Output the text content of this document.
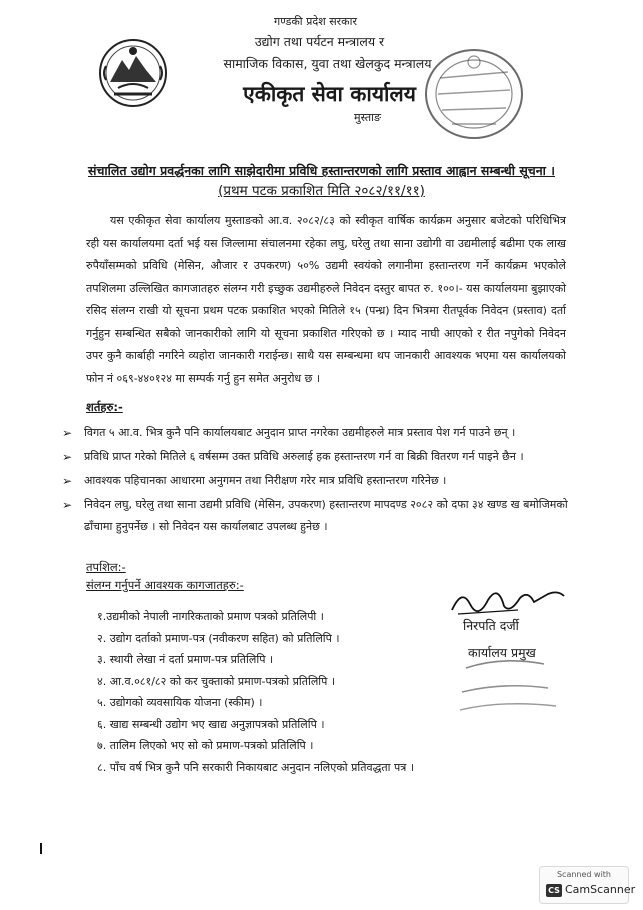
गण्डकी प्रदेश सरकार
उद्योग तथा पर्यटन मन्त्रालय र
सामाजिक विकास, युवा तथा खेलकुद मन्त्रालय
एकीकृत सेवा कार्यालय
मुस्ताङ
संचालित उद्योग प्रवर्द्धनका लागि साझेदारीमा प्रविधि हस्तान्तरणको लागि प्रस्ताव आह्वान सम्बन्धी सूचना ।
(प्रथम पटक प्रकाशित मिति २०८२/११/११)

यस एकीकृत सेवा कार्यालय मुस्ताङको आ.व. २०८२/८३ को स्वीकृत वार्षिक कार्यक्रम अनुसार बजेटको परिधिभित्र रही यस कार्यालयमा दर्ता भई यस जिल्लामा संचालनमा रहेका लघु, घरेलु तथा साना उद्योगी वा उद्यमीलाई बढीमा एक लाख रुपैयाँसम्मको प्रविधि (मेसिन, औजार र उपकरण) ५०% उद्यमी स्वयंको लगानीमा हस्तान्तरण गर्ने कार्यक्रम भएकोले तपशिलमा उल्लिखित कागजातहरु संलग्न गरी इच्छुक उद्यमीहरुले निवेदन दस्तुर बापत रु. १००।- यस कार्यालयमा बुझाएको रसिद संलग्न राखी यो सूचना प्रथम पटक प्रकाशित भएको मितिले १५ (पन्ध्र) दिन भित्रमा रीतपूर्वक निवेदन (प्रस्ताव) दर्ता गर्नुहुन सम्बन्धित सबैको जानकारीको लागि यो सूचना प्रकाशित गरिएको छ । म्याद नाघी आएको र रीत नपुगेको निवेदन उपर कुनै कार्बाही नगरिने व्यहोरा जानकारी गराईन्छ। साथै यस सम्बन्धमा थप जानकारी आवश्यक भएमा यस कार्यालयको फोन नं ०६९-४४०१२४ मा सम्पर्क गर्नु हुन समेत अनुरोध छ ।

शर्तहरु:-
➢ विगत ५ आ.व. भित्र कुनै पनि कार्यालयबाट अनुदान प्राप्त नगरेका उद्यमीहरुले मात्र प्रस्ताव पेश गर्न पाउने छन् ।
➢ प्रविधि प्राप्त गरेको मितिले ६ वर्षसम्म उक्त प्रविधि अरुलाई हक हस्तान्तरण गर्न वा बिक्री वितरण गर्न पाइने छैन ।
➢ आवश्यक पहिचानका आधारमा अनुगमन तथा निरीक्षण गरेर मात्र प्रविधि हस्तान्तरण गरिनेछ ।
➢ निवेदन लघु, घरेलु तथा साना उद्यमी प्रविधि (मेसिन, उपकरण) हस्तान्तरण मापदण्ड २०८२ को दफा ३४ खण्ड ख बमोजिमको ढाँचामा हुनुपर्नेछ । सो निवेदन यस कार्यालबाट उपलब्ध हुनेछ ।
तपशिल:-
संलग्न गर्नुपर्ने आवश्यक कागजातहरु:-
१.उद्यमीको नेपाली नागरिकताको प्रमाण पत्रको प्रतिलिपी ।
२. उद्योग दर्ताको प्रमाण-पत्र (नवीकरण सहित) को प्रतिलिपि ।
३. स्थायी लेखा नं दर्ता प्रमाण-पत्र प्रतिलिपि ।
४. आ.व.०८१/८२ को कर चुक्ताको प्रमाण-पत्रको प्रतिलिपि ।
५. उद्योगको व्यवसायिक योजना (स्कीम) ।
६. खाद्य सम्बन्धी उद्योग भए खाद्य अनुज्ञापत्रको प्रतिलिपि ।
७. तालिम लिएको भए सो को प्रमाण-पत्रको प्रतिलिपि ।
८. पाँच वर्ष भित्र कुनै पनि सरकारी निकायबाट अनुदान नलिएको प्रतिवद्धता पत्र ।
निरपति दर्जी
कार्यालय प्रमुख
Scanned with
CS CamScanner
